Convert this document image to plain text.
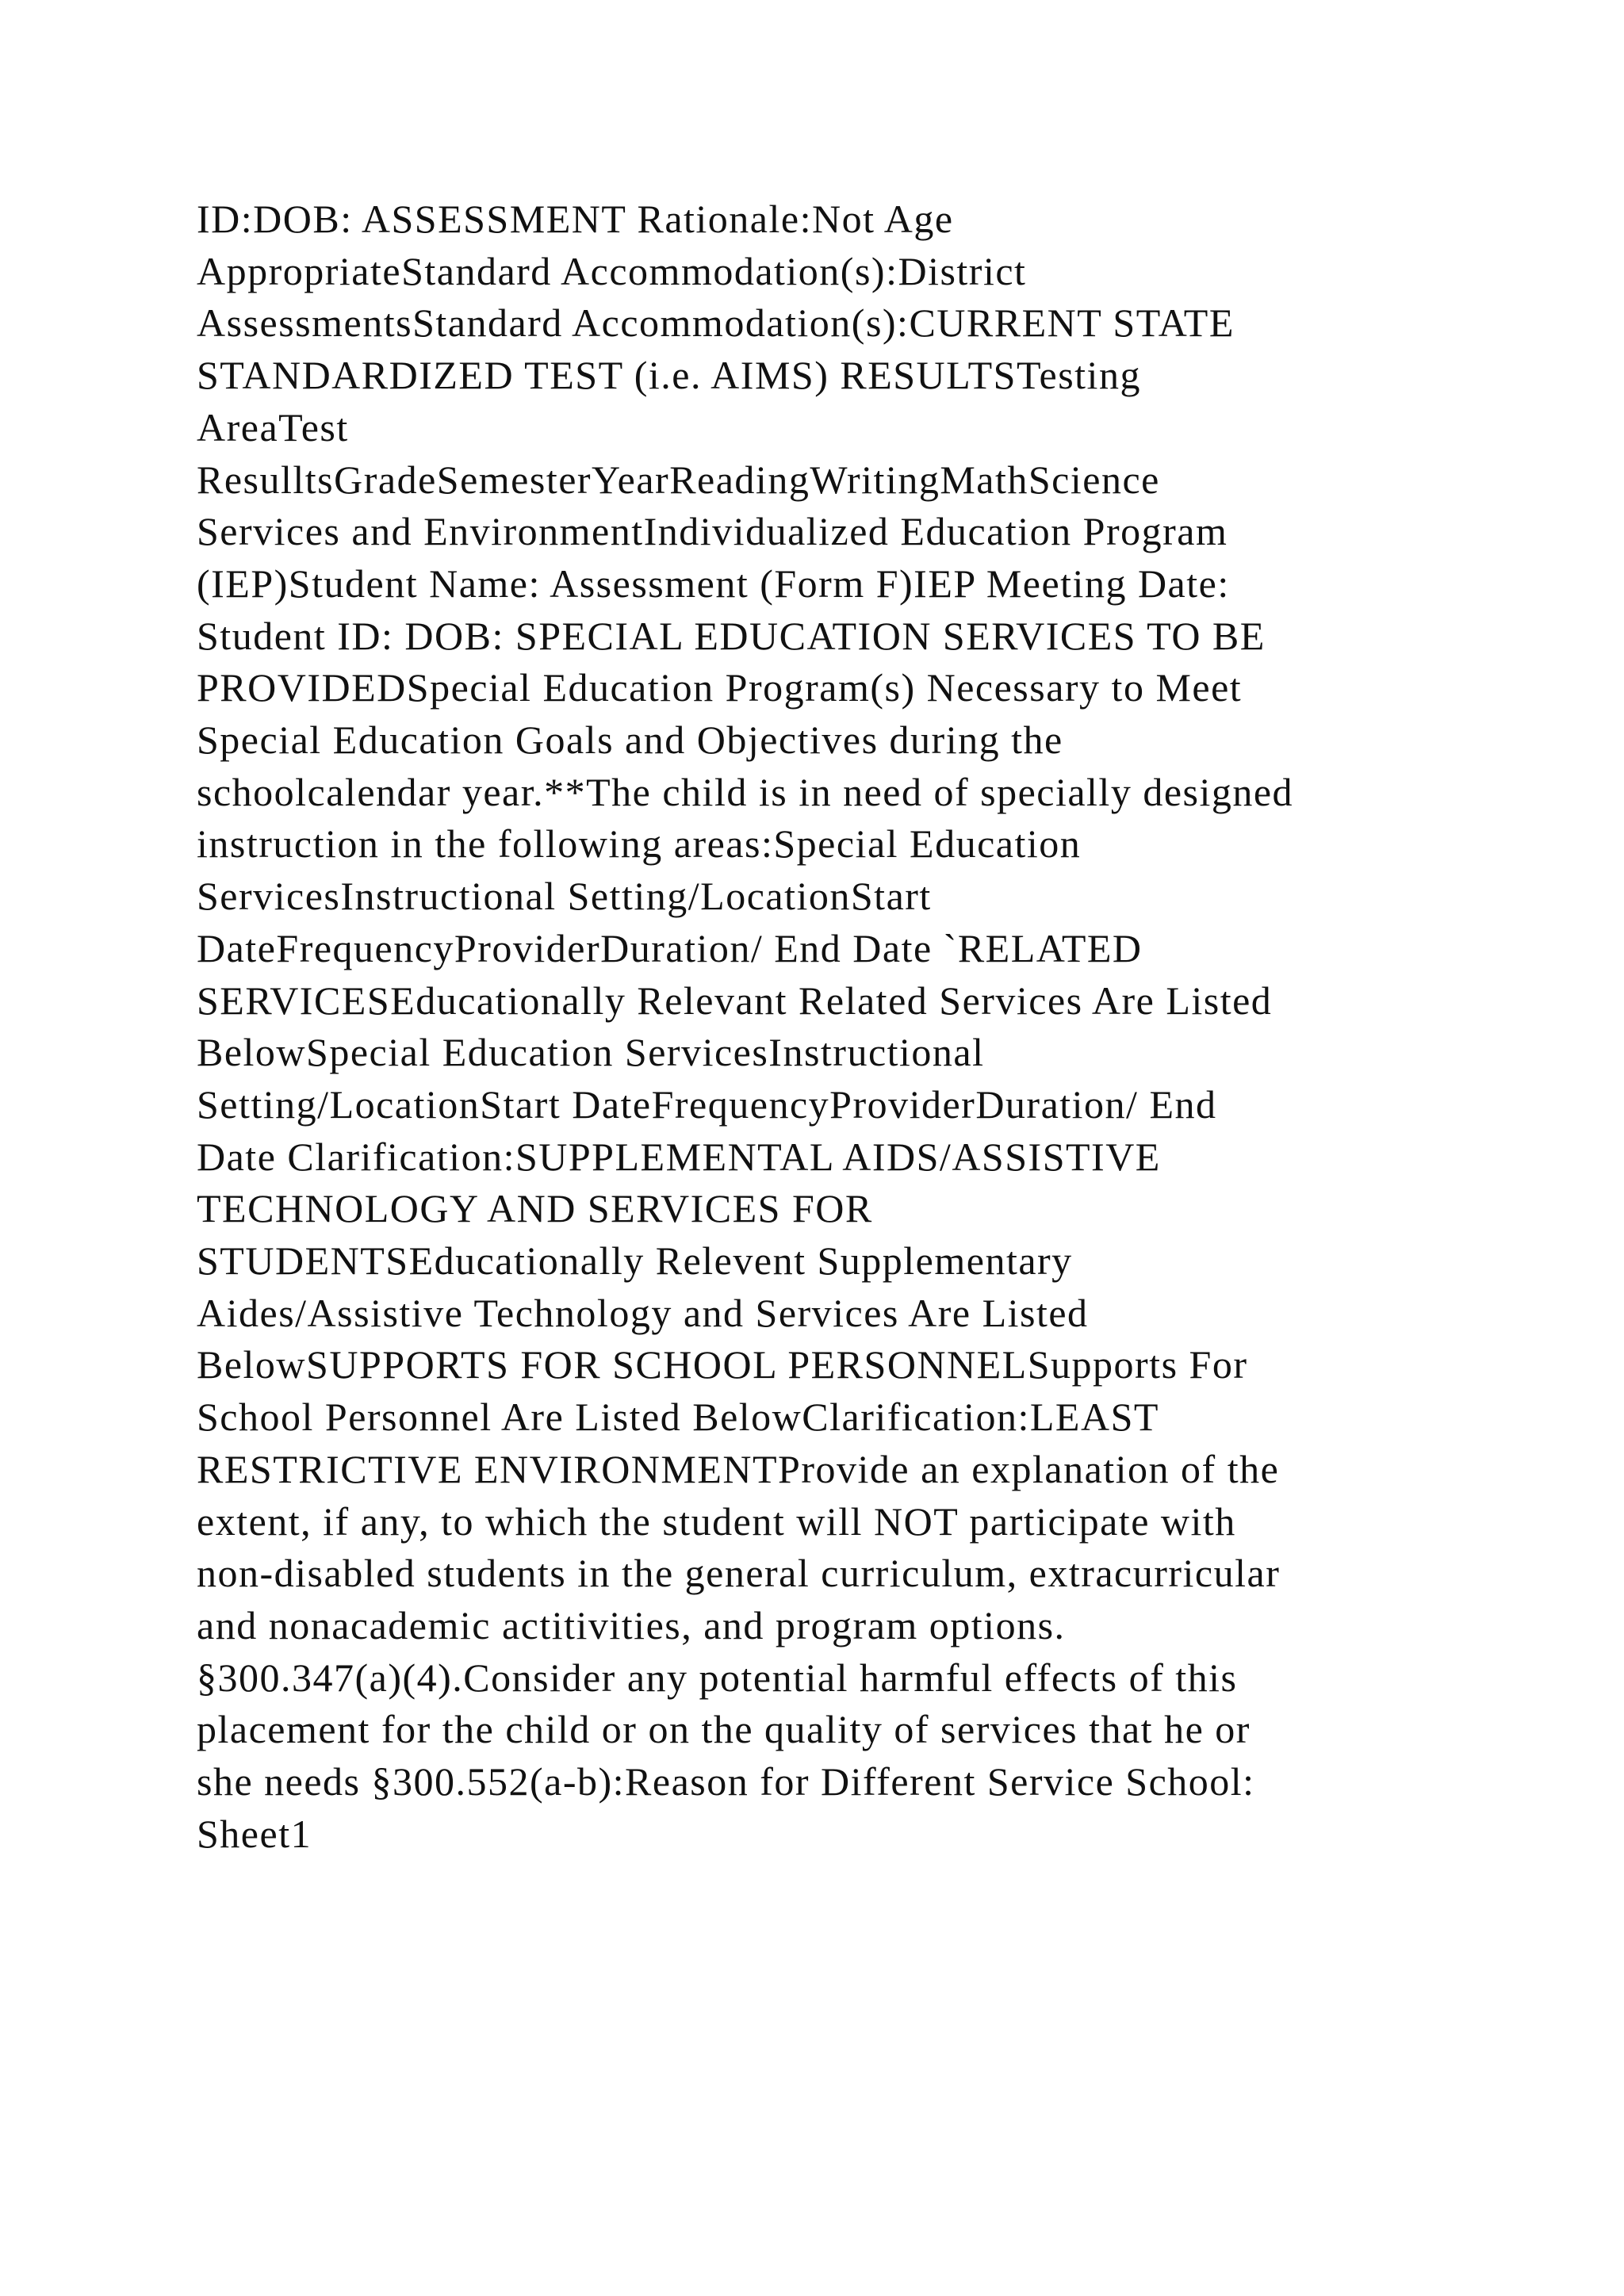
ID:DOB: ASSESSMENT Rationale:Not Age
AppropriateStandard Accommodation(s):District
AssessmentsStandard Accommodation(s):CURRENT STATE
STANDARDIZED TEST (i.e. AIMS) RESULTSTesting
AreaTest
ResulltsGradeSemesterYearReadingWritingMathScience
Services and EnvironmentIndividualized Education Program
(IEP)Student Name: Assessment (Form F)IEP Meeting Date:
Student ID: DOB: SPECIAL EDUCATION SERVICES TO BE
PROVIDEDSpecial Education Program(s) Necessary to Meet
Special Education Goals and Objectives during the
schoolcalendar year.**The child is in need of specially designed
instruction in the following areas:Special Education
ServicesInstructional Setting/LocationStart
DateFrequencyProviderDuration/ End Date `RELATED
SERVICESEducationally Relevant Related Services Are Listed
BelowSpecial Education ServicesInstructional
Setting/LocationStart DateFrequencyProviderDuration/ End
Date Clarification:SUPPLEMENTAL AIDS/ASSISTIVE
TECHNOLOGY AND SERVICES FOR
STUDENTSEducationally Relevent Supplementary
Aides/Assistive Technology and Services Are Listed
BelowSUPPORTS FOR SCHOOL PERSONNELSupports For
School Personnel Are Listed BelowClarification:LEAST
RESTRICTIVE ENVIRONMENTProvide an explanation of the
extent, if any, to which the student will NOT participate with
non-disabled students in the general curriculum, extracurricular
and nonacademic actitivities, and program options.
§300.347(a)(4).Consider any potential harmful effects of this
placement for the child or on the quality of services that he or
she needs §300.552(a-b):Reason for Different Service School:
Sheet1
